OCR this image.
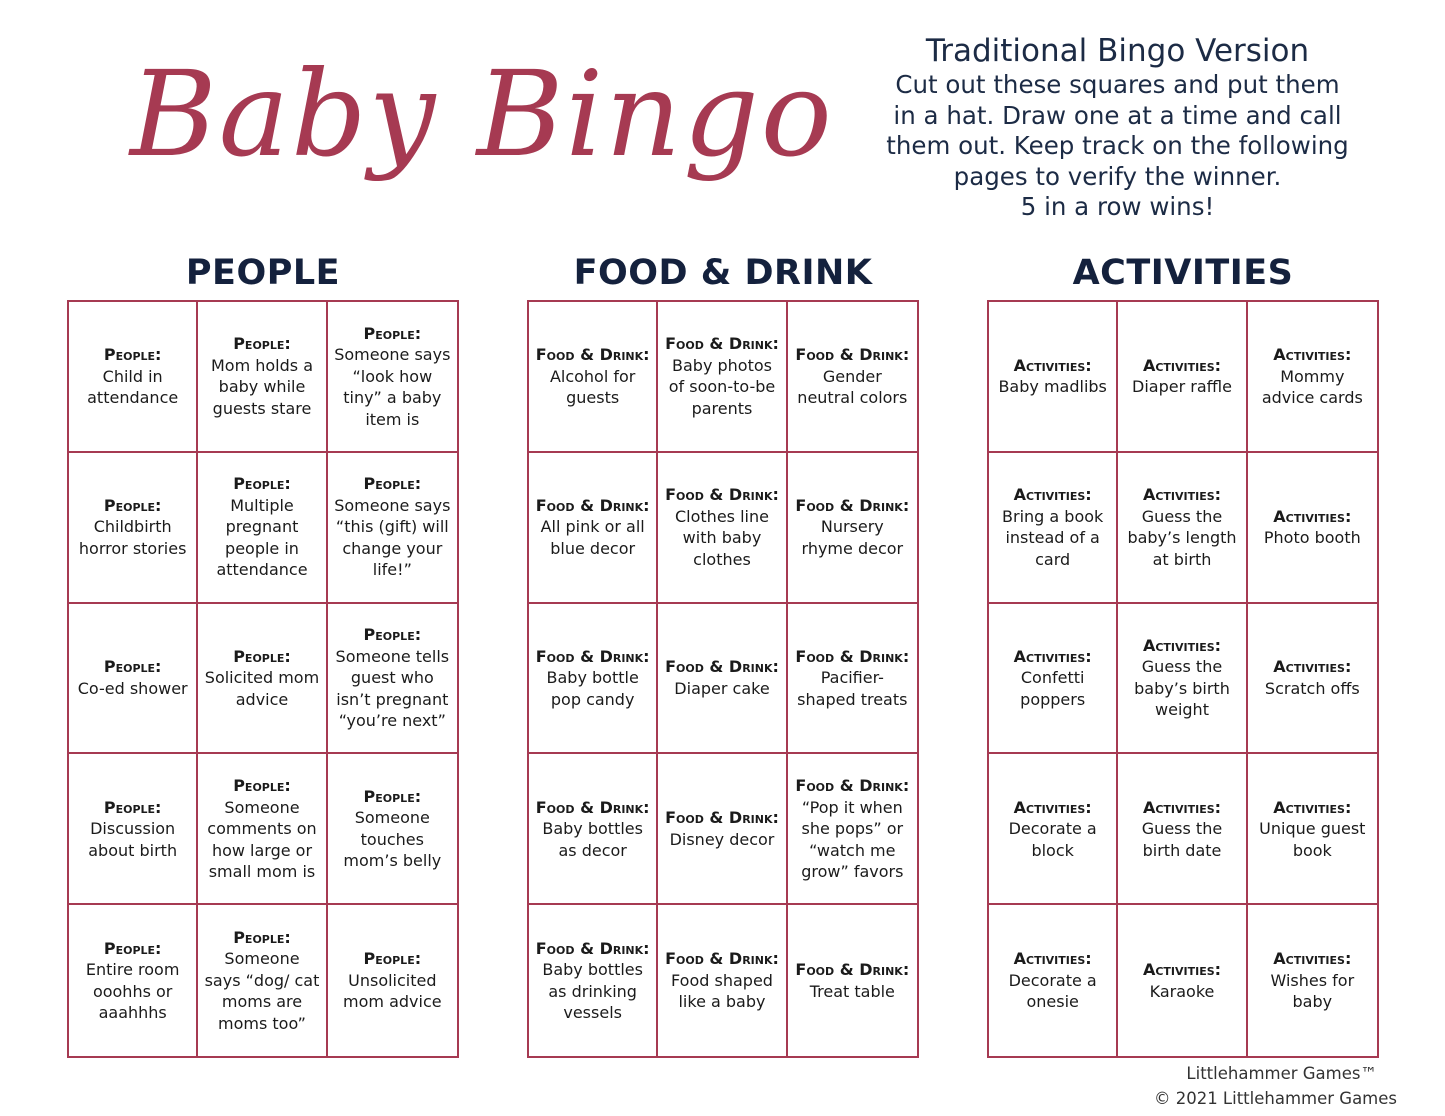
Baby Bingo	Traditional Bingo Version
Cut out these squares and put them
in a hat. Draw one at a time and call
them out. Keep track on the following
pages to verify the winner.
5 in a row wins!
PEOPLE
People:
Child in attendance
People:
Mom holds a baby while guests stare
People:
Someone says “look how tiny” a baby item is
People:
Childbirth horror stories
People:
Multiple pregnant people in attendance
People:
Someone says “this (gift) will change your life!”
People:
Co-ed shower
People:
Solicited mom advice
People:
Someone tells guest who isn’t pregnant “you’re next”
People:
Discussion about birth
People:
Someone comments on how large or small mom is
People:
Someone touches mom’s belly
People:
Entire room ooohhs or aaahhhs
People:
Someone says “dog/ cat moms are moms too”
People:
Unsolicited mom advice
FOOD & DRINK
Food & Drink:
Alcohol for guests
Food & Drink:
Baby photos of soon-to-be parents
Food & Drink:
Gender neutral colors
Food & Drink:
All pink or all blue decor
Food & Drink:
Clothes line with baby clothes
Food & Drink:
Nursery rhyme decor
Food & Drink:
Baby bottle pop candy
Food & Drink:
Diaper cake
Food & Drink:
Pacifier-shaped treats
Food & Drink:
Baby bottles as decor
Food & Drink:
Disney decor
Food & Drink:
“Pop it when she pops” or “watch me grow” favors
Food & Drink:
Baby bottles as drinking vessels
Food & Drink:
Food shaped like a baby
Food & Drink:
Treat table
ACTIVITIES
Activities:
Baby madlibs
Activities:
Diaper raffle
Activities:
Mommy advice cards
Activities:
Bring a book instead of a card
Activities:
Guess the baby’s length at birth
Activities:
Photo booth
Activities:
Confetti poppers
Activities:
Guess the baby’s birth weight
Activities:
Scratch offs
Activities:
Decorate a block
Activities:
Guess the birth date
Activities:
Unique guest book
Activities:
Decorate a onesie
Activities:
Karaoke
Activities:
Wishes for baby
Littlehammer Games™
© 2021 Littlehammer Games
